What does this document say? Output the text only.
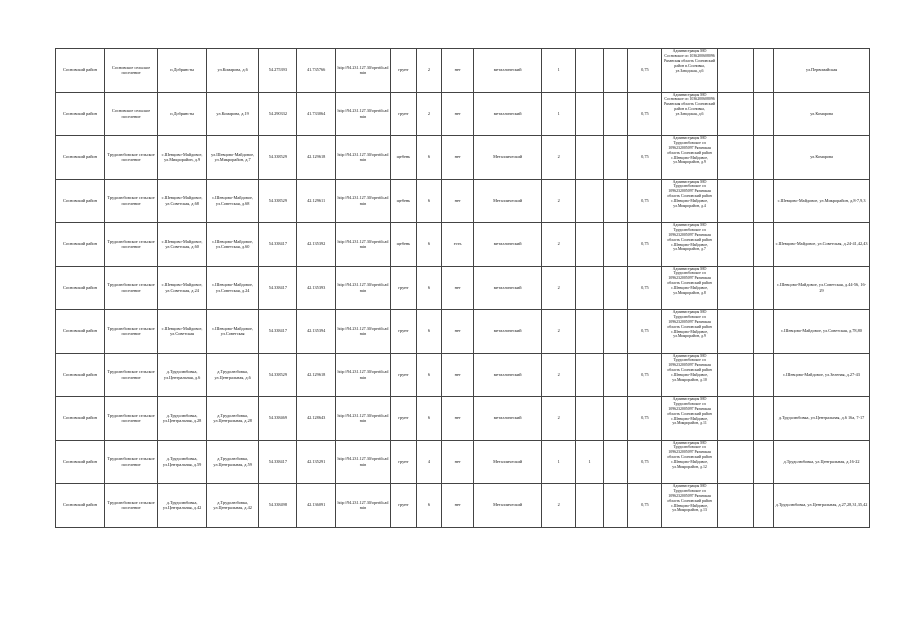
Сосновский район	Сосновское сельское поселение	п.Добрянсты	ул.Комарова, д.6	54.275393	41.735766	http://94.231.127.30/operitb.admin	грунт	2	нет	металлический	1			0,75	Администрация МО Сосновское сп 1036200608096 Рязанская область Сосновский район п.Сосновка, ул.Заводская, д.6			ул.Первомайская
Сосновский район	Сосновское сельское поселение	п.Добрянсты	ул.Комарова, д.19	54.290332	41.733064	http://94.231.127.30/operitb.admin	грунт	2	нет	металлический	1			0,75	Администрация МО Сосновское сп 1036200608096 Рязанская область Сосновский район п.Сосновка, ул.Заводская, д.6			ул.Комарова
Сосновский район	Трудолюбовское сельское поселение	с.Шевцово-Майдовое, ул.Микрорайон, д.9	ул.Шевцово-Майдовое, ул.Микрорайон, д.7	54.338529	42.129618	http://94.231.127.30/operitb.admin	щебень	6	нет	Металлический	2			0,75	Администрация МО Трудолюбовское сп 1096232005097 Рязанская область Сосновский район с.Шевцово-Майдовое, ул.Микрорайон, д.9			ул.Комарова
Сосновский район	Трудолюбовское сельское поселение	с.Шевцово-Майдовое, ул.Советская, д.68	с.Шевцово-Майдовое, ул.Советская, д.68	54.338529	42.129611	http://94.231.127.30/operitb.admin	щебень	6	нет	Металлический	2			0,75	Администрация МО Трудолюбовское сп 1096232005097 Рязанская область Сосновский район с.Шевцово-Майдовое, ул.Микрорайон, д.4			с.Шевцово-Майдовое, ул.Микрорайон, д.8-7,9,3
Сосновский район	Трудолюбовское сельское поселение	с.Шевцово-Майдовое, ул.Советская, д.60	с.Шевцово-Майдовое, ул.Советская, д.60	54.338417	42.135392	http://94.231.127.30/operitb.admin	щебень	6	есть	металлический	2			0,75	Администрация МО Трудолюбовское сп 1096232005097 Рязанская область Сосновский район с.Шевцово-Майдовое, ул.Микрорайон, д.7			с.Шевцово-Майдовое, ул.Советская, д.24-41,42,43
Сосновский район	Трудолюбовское сельское поселение	с.Шевцово-Майдовое, ул.Советская, д.24	с.Шевцово-Майдовое, ул.Советская, д.24	54.338417	42.135393	http://94.231.127.30/operitb.admin	грунт	6	нет	металлический	2			0,75	Администрация МО Трудолюбовское сп 1096232005097 Рязанская область Сосновский район с.Шевцово-Майдовое, ул.Микрорайон, д.8			с.Шевцово-Майдовое, ул.Советская, д.44-56, 16-29
Сосновский район	Трудолюбовское сельское поселение	с.Шевцово-Майдовое, ул.Советская	с.Шевцово-Майдовое, ул.Советская	54.338417	42.135394	http://94.231.127.30/operitb.admin	грунт	6	нет	металлический	2			0,75	Администрация МО Трудолюбовское сп 1096232005097 Рязанская область Сосновский район с.Шевцово-Майдовое, ул.Микрорайон, д.9			с.Шевцово-Майдовое, ул.Советская, д.78,80
Сосновский район	Трудолюбовское сельское поселение	д.Трудолюбовка, ул.Центральная, д.6	д.Трудолюбовка, ул.Центральная, д.6	54.338529	42.129618	http://94.231.127.30/operitb.admin	грунт	6	нет	металлический	2			0,75	Администрация МО Трудолюбовское сп 1096232005097 Рязанская область Сосновский район с.Шевцово-Майдовое, ул.Микрорайон, д.10			с.Шевцово-Майдовое, ул.Зеленая, д.27-43
Сосновский район	Трудолюбовское сельское поселение	д.Трудолюбовка, ул.Центральная, д.28	д.Трудолюбовка, ул.Центральная, д.28	54.338469	42.128643	http://94.231.127.30/operitb.admin	грунт	6	нет	металлический	2			0,75	Администрация МО Трудолюбовское сп 1096232005097 Рязанская область Сосновский район с.Шевцово-Майдовое, ул.Микрорайон, д.11			д.Трудолюбовка, ул.Центральная, д.6 16а, 7-17
Сосновский район	Трудолюбовское сельское поселение	д.Трудолюбовка, ул.Центральная, д.59	д.Трудолюбовка, ул.Центральная, д.59	54.338417	42.135291	http://94.231.127.30/operitb.admin	грунт	4	нет	Металлический	1	1		0,75	Администрация МО Трудолюбовское сп 1096232005097 Рязанская область Сосновский район с.Шевцово-Майдовое, ул.Микрорайон, д.12			д.Трудолюбовка, ул.Центральная, д.16-22
Сосновский район	Трудолюбовское сельское поселение	д.Трудолюбовка, ул.Центральная, д.42	д.Трудолюбовка, ул.Центральная, д.42	54.338498	42.136091	http://94.231.127.30/operitb.admin	грунт	6	нет	Металлический	2			0,75	Администрация МО Трудолюбовское сп 1096232005097 Рязанская область Сосновский район с.Шевцово-Майдовое, ул.Микрорайон, д.13			д.Трудолюбовка, ул.Центральная, д.27,28,31,35,42
